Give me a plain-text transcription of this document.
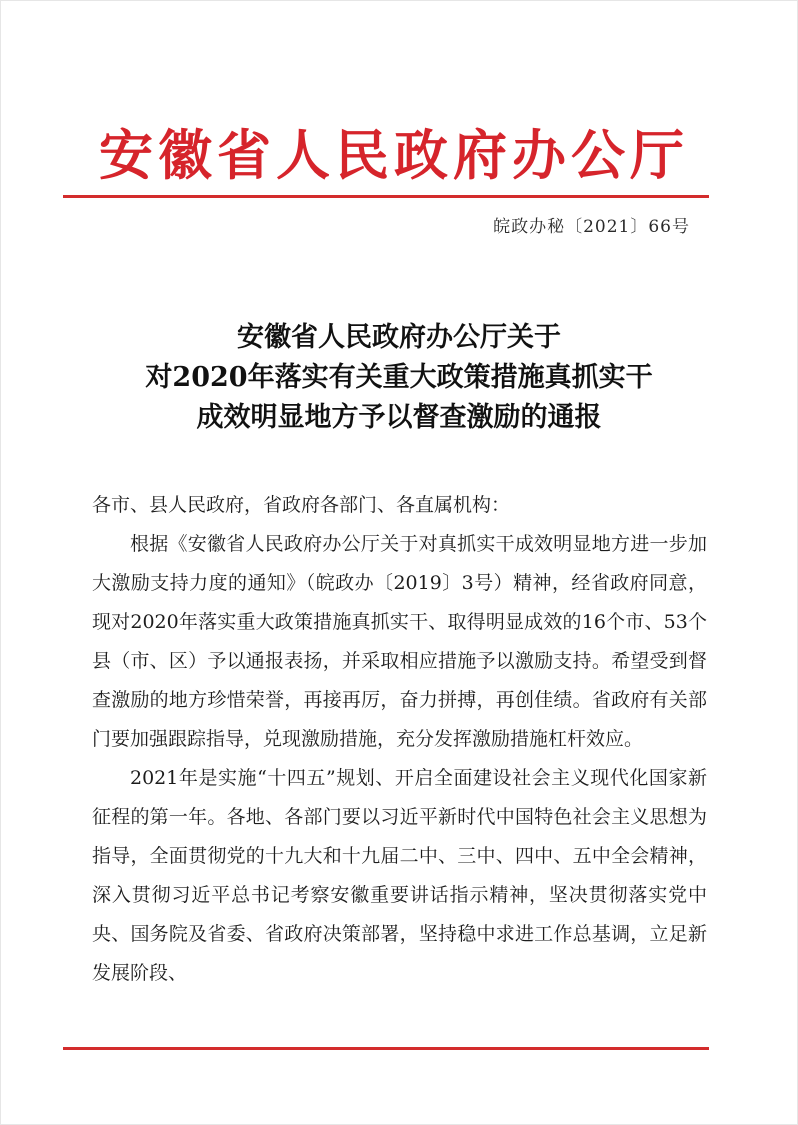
安徽省人民政府办公厅
皖政办秘〔2021〕66号
安徽省人民政府办公厅关于
对2020年落实有关重大政策措施真抓实干
成效明显地方予以督查激励的通报

各市、县人民政府，省政府各部门、各直属机构：

根据《安徽省人民政府办公厅关于对真抓实干成效明显地方进一步加大激励支持力度的通知》（皖政办〔2019〕3号）精神，经省政府同意，现对2020年落实重大政策措施真抓实干、取得明显成效的16个市、53个县（市、区）予以通报表扬，并采取相应措施予以激励支持。希望受到督查激励的地方珍惜荣誉，再接再厉，奋力拼搏，再创佳绩。省政府有关部门要加强跟踪指导，兑现激励措施，充分发挥激励措施杠杆效应。

2021年是实施“十四五”规划、开启全面建设社会主义现代化国家新征程的第一年。各地、各部门要以习近平新时代中国特色社会主义思想为指导，全面贯彻党的十九大和十九届二中、三中、四中、五中全会精神，深入贯彻习近平总书记考察安徽重要讲话指示精神，坚决贯彻落实党中央、国务院及省委、省政府决策部署，坚持稳中求进工作总基调，立足新发展阶段、
